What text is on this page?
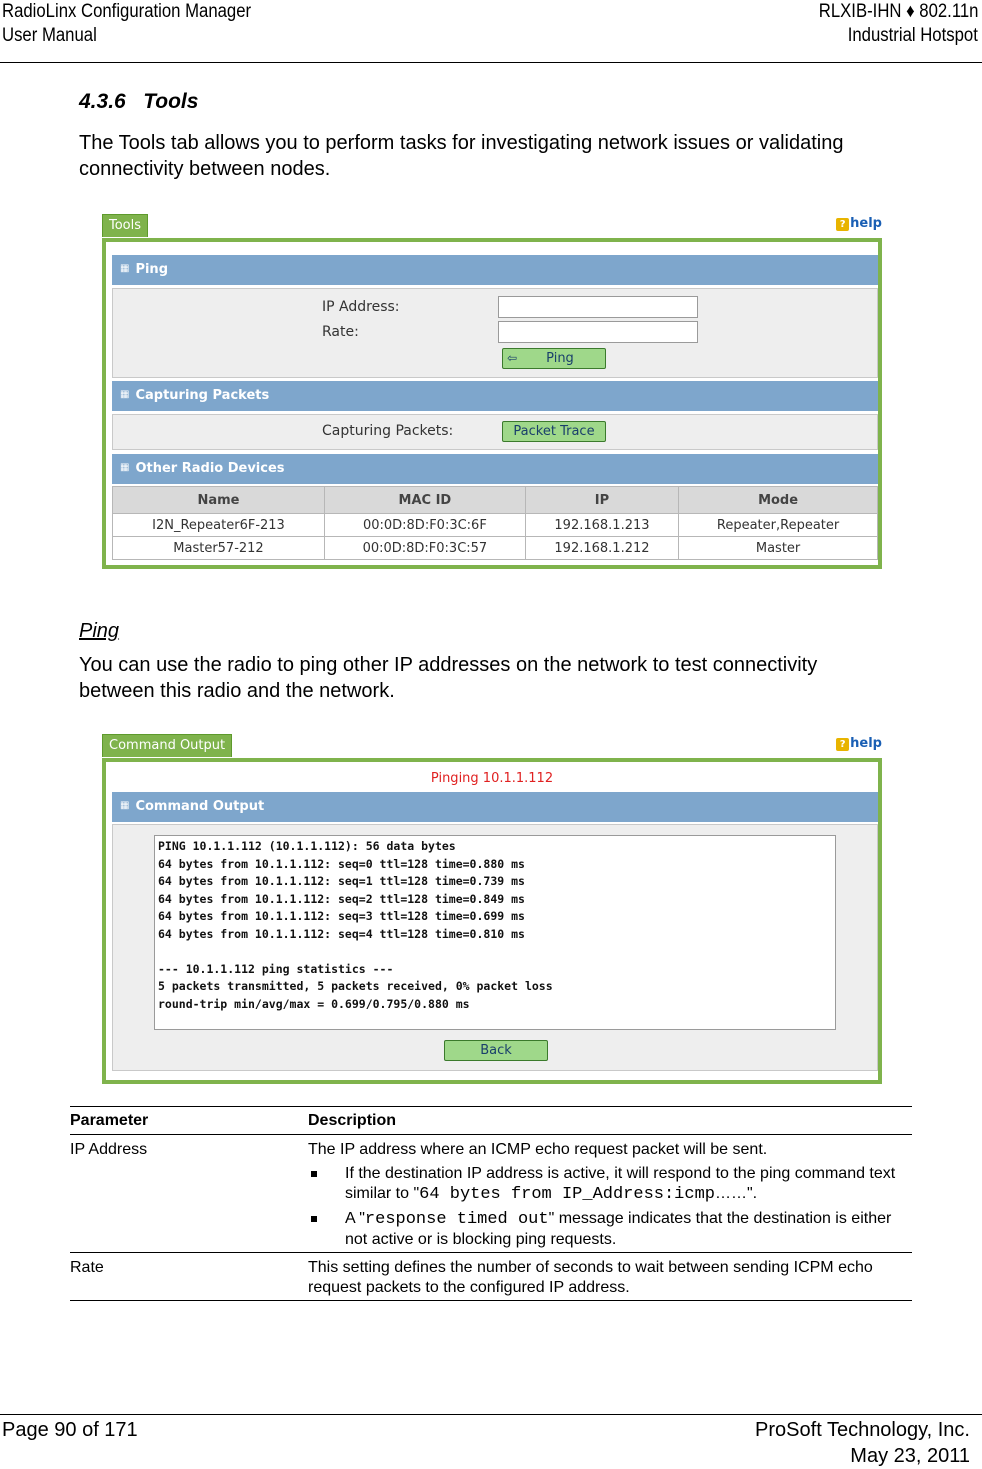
RadioLinx Configuration Manager
User Manual
RLXIB-IHN ♦ 802.11n
Industrial Hotspot
4.3.6   Tools
The Tools tab allows you to perform tasks for investigating network issues or validating connectivity between nodes.
Tools	? help
▦ Ping
IP Address:
Rate:
⇦ Ping
▦ Capturing Packets
Capturing Packets:	Packet Trace
▦ Other Radio Devices
Name	MAC ID	IP	Mode
I2N_Repeater6F-213	00:0D:8D:F0:3C:6F	192.168.1.213	Repeater,Repeater
Master57-212	00:0D:8D:F0:3C:57	192.168.1.212	Master
Ping
You can use the radio to ping other IP addresses on the network to test connectivity between this radio and the network.
Command Output	? help
Pinging 10.1.1.112
▦ Command Output
PING 10.1.1.112 (10.1.1.112): 56 data bytes
64 bytes from 10.1.1.112: seq=0 ttl=128 time=0.880 ms
64 bytes from 10.1.1.112: seq=1 ttl=128 time=0.739 ms
64 bytes from 10.1.1.112: seq=2 ttl=128 time=0.849 ms
64 bytes from 10.1.1.112: seq=3 ttl=128 time=0.699 ms
64 bytes from 10.1.1.112: seq=4 ttl=128 time=0.810 ms
--- 10.1.1.112 ping statistics ---
5 packets transmitted, 5 packets received, 0% packet loss
round-trip min/avg/max = 0.699/0.795/0.880 ms
Back
Parameter	Description
IP Address	The IP address where an ICMP echo request packet will be sent.
If the destination IP address is active, it will respond to the ping command text similar to "64 bytes from IP_Address:icmp……".
A "response timed out" message indicates that the destination is either not active or is blocking ping requests.

Rate	This setting defines the number of seconds to wait between sending ICPM echo request packets to the configured IP address.
Page 90 of 171	ProSoft Technology, Inc.
May 23, 2011
